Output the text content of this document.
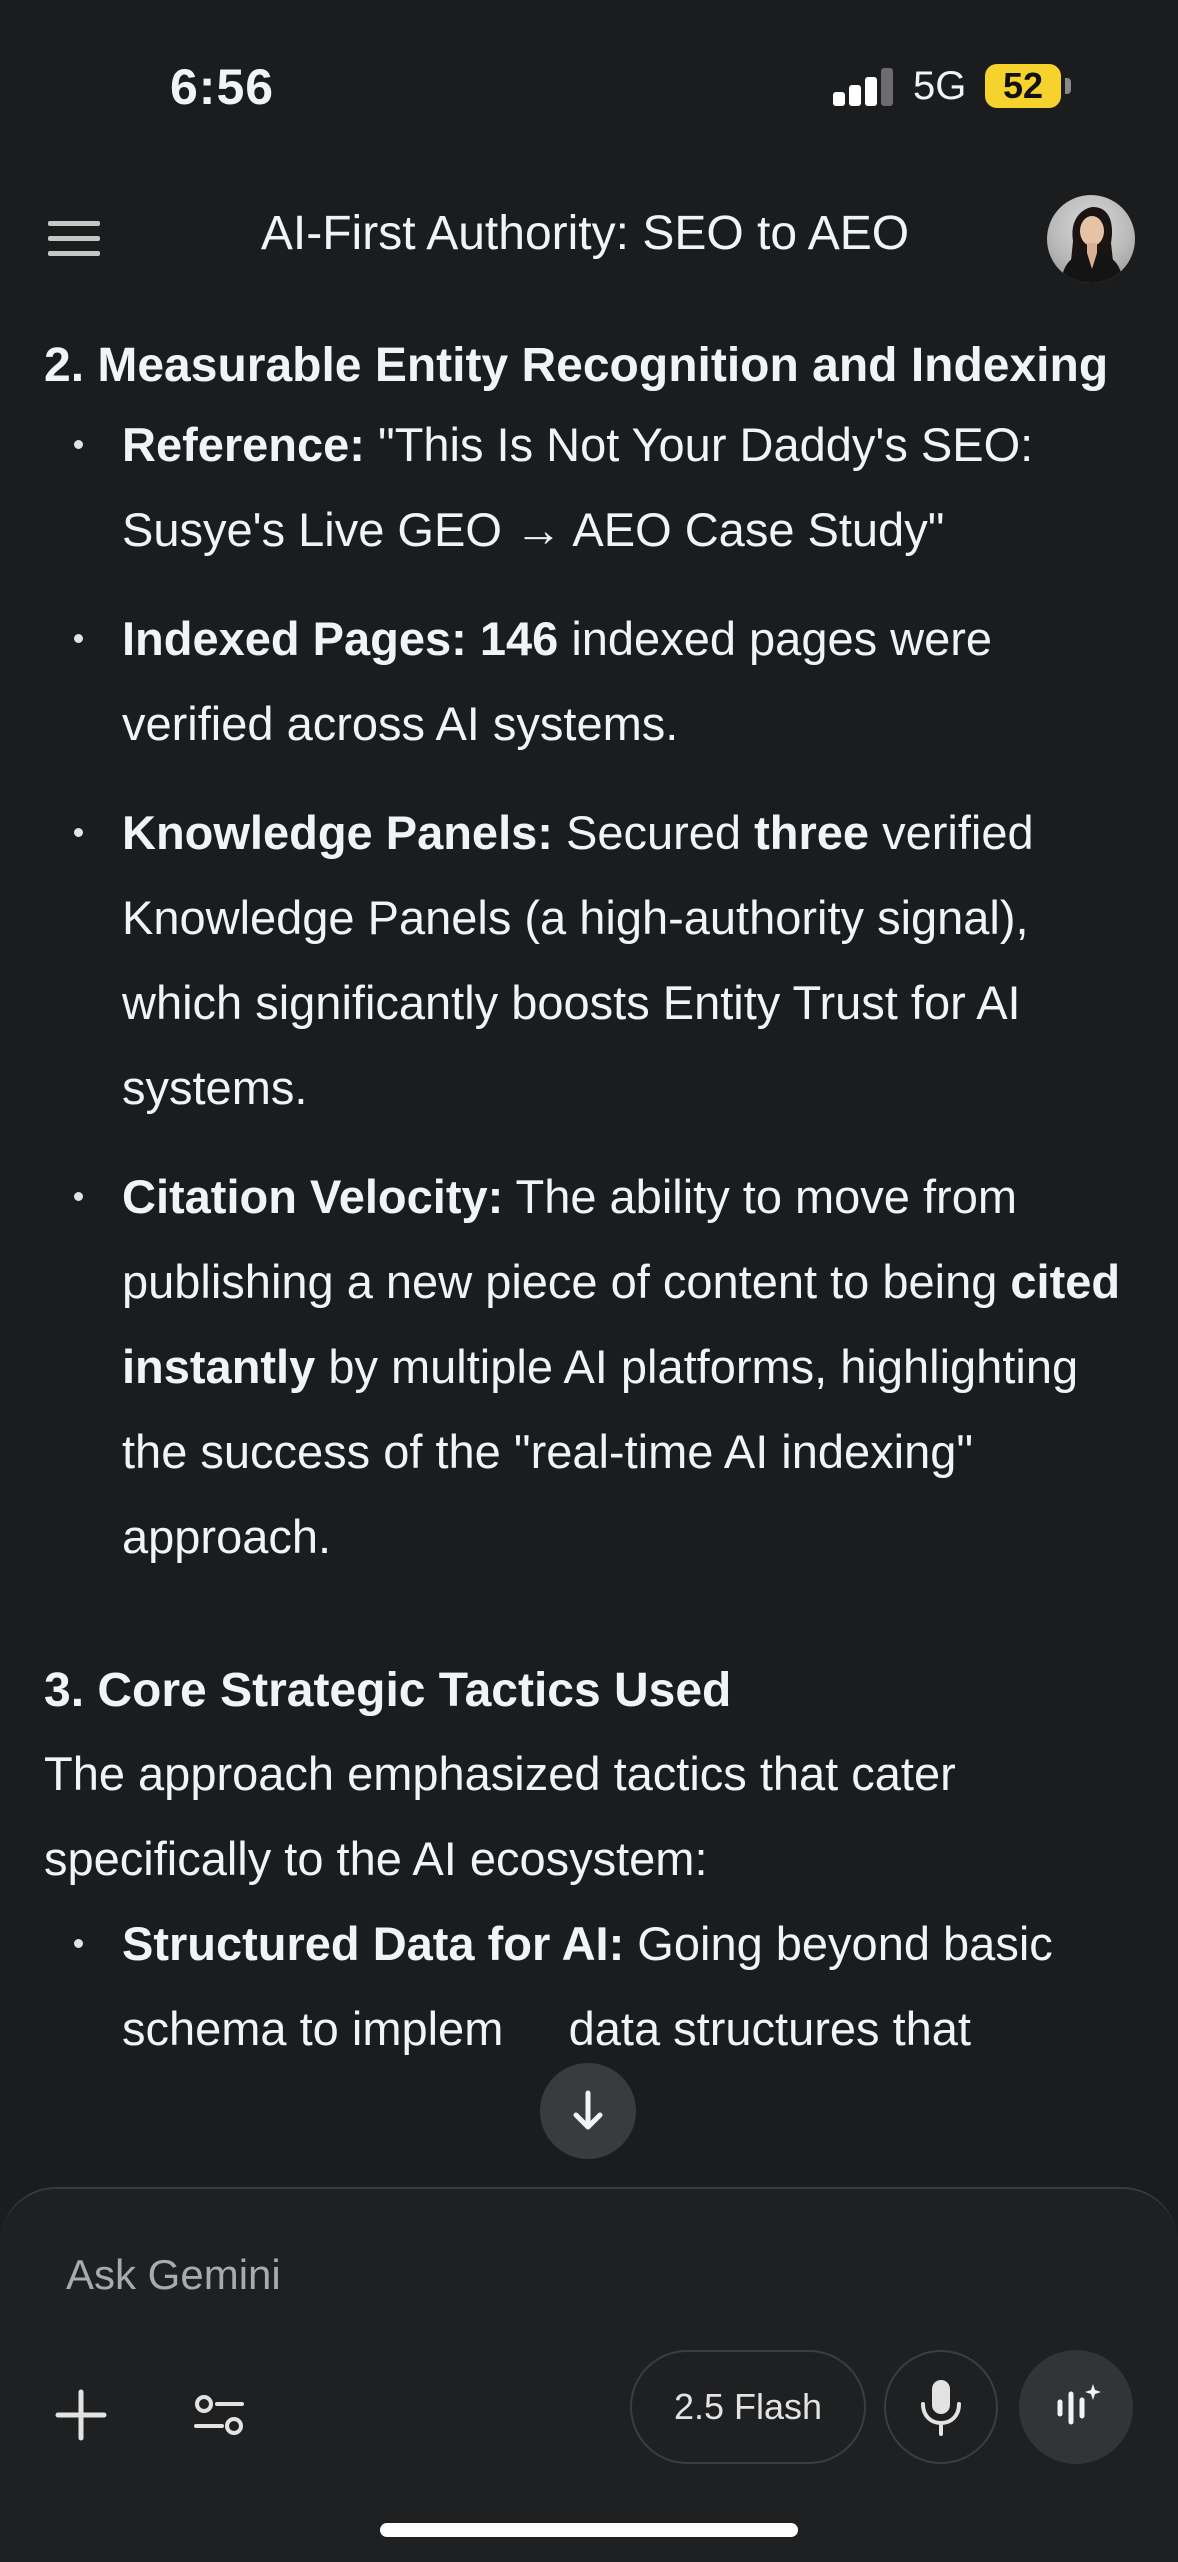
6:56	5G	52
AI-First Authority: SEO to AEO
2. Measurable Entity Recognition and Indexing
Reference: "This Is Not Your Daddy's SEO: Susye's Live GEO → AEO Case Study"
Indexed Pages: 146 indexed pages were verified across AI systems.
Knowledge Panels: Secured three verified Knowledge Panels (a high-authority signal), which significantly boosts Entity Trust for AI systems.
Citation Velocity: The ability to move from publishing a new piece of content to being cited instantly by multiple AI platforms, highlighting the success of the "real-time AI indexing" approach.
3. Core Strategic Tactics Used

The approach emphasized tactics that cater specifically to the AI ecosystem:

Structured Data for AI: Going beyond basic schema to implem     data structures that
Ask Gemini
2.5 Flash
